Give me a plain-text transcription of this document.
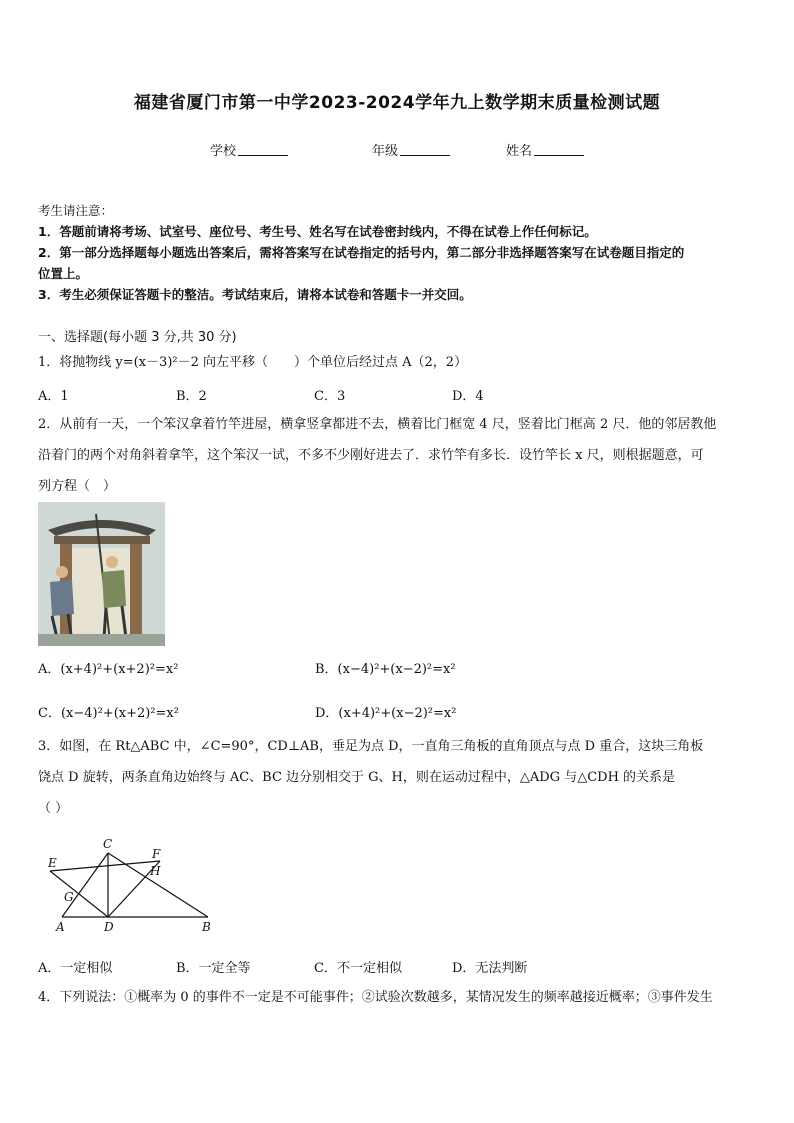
福建省厦门市第一中学2023-2024学年九上数学期末质量检测试题
学校	年级	姓名
考生请注意：
1．答题前请将考场、试室号、座位号、考生号、姓名写在试卷密封线内，不得在试卷上作任何标记。
2．第一部分选择题每小题选出答案后，需将答案写在试卷指定的括号内，第二部分非选择题答案写在试卷题目指定的
位置上。
3．考生必须保证答题卡的整洁。考试结束后，请将本试卷和答题卡一并交回。
一、选择题(每小题 3 分,共 30 分)
1．将抛物线 y=(x－3)²－2 向左平移（　　）个单位后经过点 A（2，2）
A．1	B．2	C．3	D．4
2．从前有一天，一个笨汉拿着竹竿进屋，横拿竖拿都进不去，横着比门框宽 4 尺，竖着比门框高 2 尺．他的邻居教他
沿着门的两个对角斜着拿竿，这个笨汉一试，不多不少刚好进去了．求竹竿有多长．设竹竿长 x 尺，则根据题意，可
列方程（　）
A．(x+4)²+(x+2)²=x²	B．(x−4)²+(x−2)²=x²
C．(x−4)²+(x+2)²=x²	D．(x+4)²+(x−2)²=x²
3．如图，在 Rt△ABC 中，∠C=90°，CD⊥AB，垂足为点 D，一直角三角板的直角顶点与点 D 重合，这块三角板
饶点 D 旋转，两条直角边始终与 AC、BC 边分别相交于 G、H，则在运动过程中，△ADG 与△CDH 的关系是
（ ）
C
E
F
H
G
A	D	B
A．一定相似	B．一定全等	C．不一定相似	D．无法判断
4．下列说法：①概率为 0 的事件不一定是不可能事件；②试验次数越多，某情况发生的频率越接近概率；③事件发生
